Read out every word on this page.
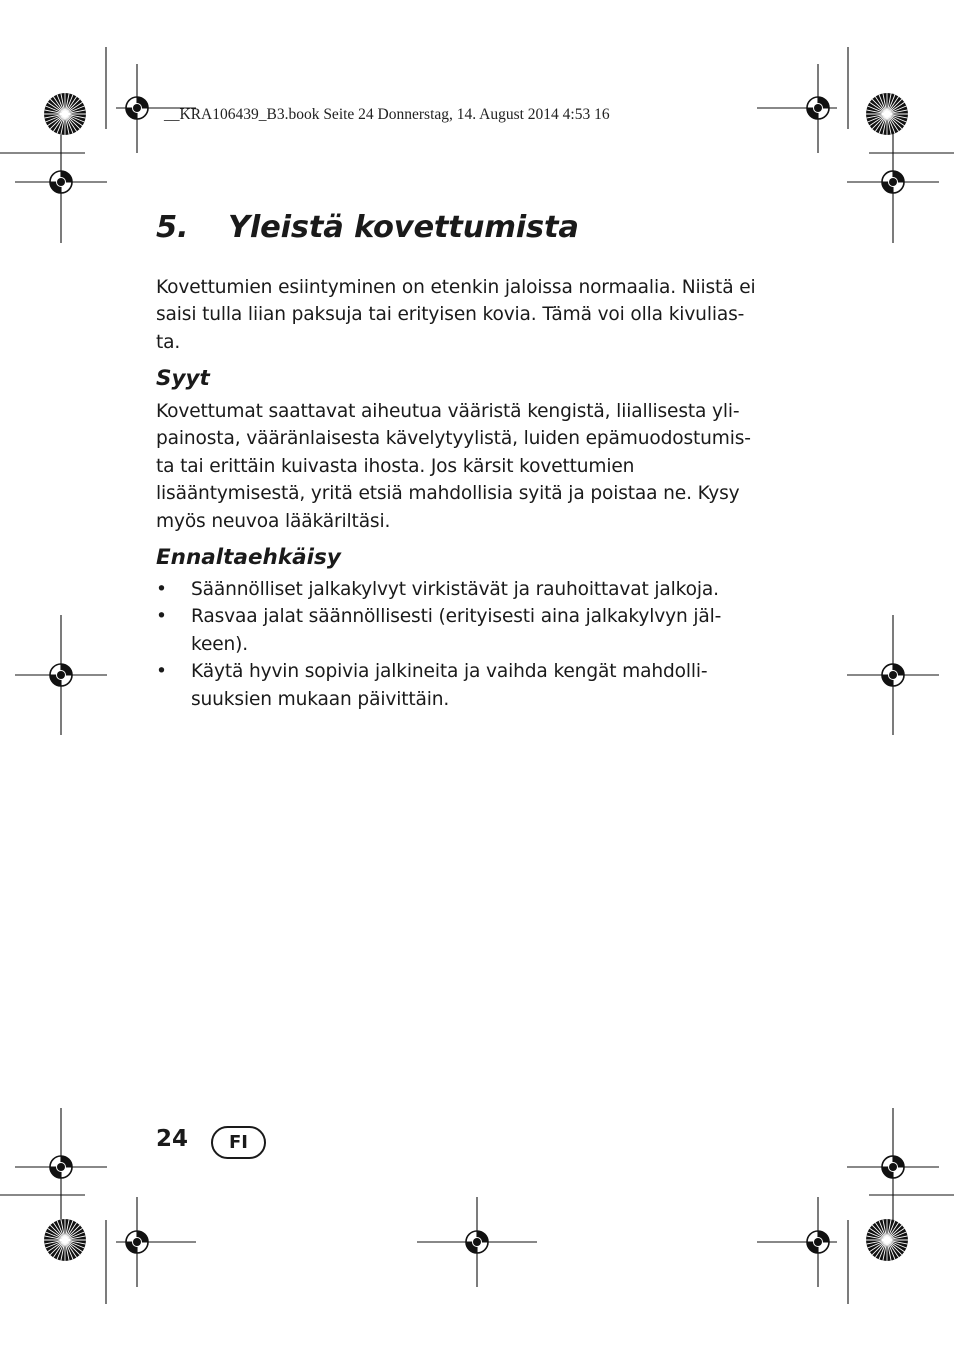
__KRA106439_B3.book Seite 24 Donnerstag, 14. August 2014 4:53 16
5. Yleistä kovettumista

Kovettumien esiintyminen on etenkin jaloissa normaalia. Niistä ei
saisi tulla liian paksuja tai erityisen kovia. Tämä voi olla kivulias-
ta.

Syyt

Kovettumat saattavat aiheutua vääristä kengistä, liiallisesta yli-
painosta, vääränlaisesta kävelytyylistä, luiden epämuodostumis-
ta tai erittäin kuivasta ihosta. Jos kärsit kovettumien
lisääntymisestä, yritä etsiä mahdollisia syitä ja poistaa ne. Kysy
myös neuvoa lääkäriltäsi.

Ennaltaehkäisy
• Säännölliset jalkakylvyt virkistävät ja rauhoittavat jalkoja.
• Rasvaa jalat säännöllisesti (erityisesti aina jalkakylvyn jäl-
keen).
• Käytä hyvin sopivia jalkineita ja vaihda kengät mahdolli-
suuksien mukaan päivittäin.
24	FI
